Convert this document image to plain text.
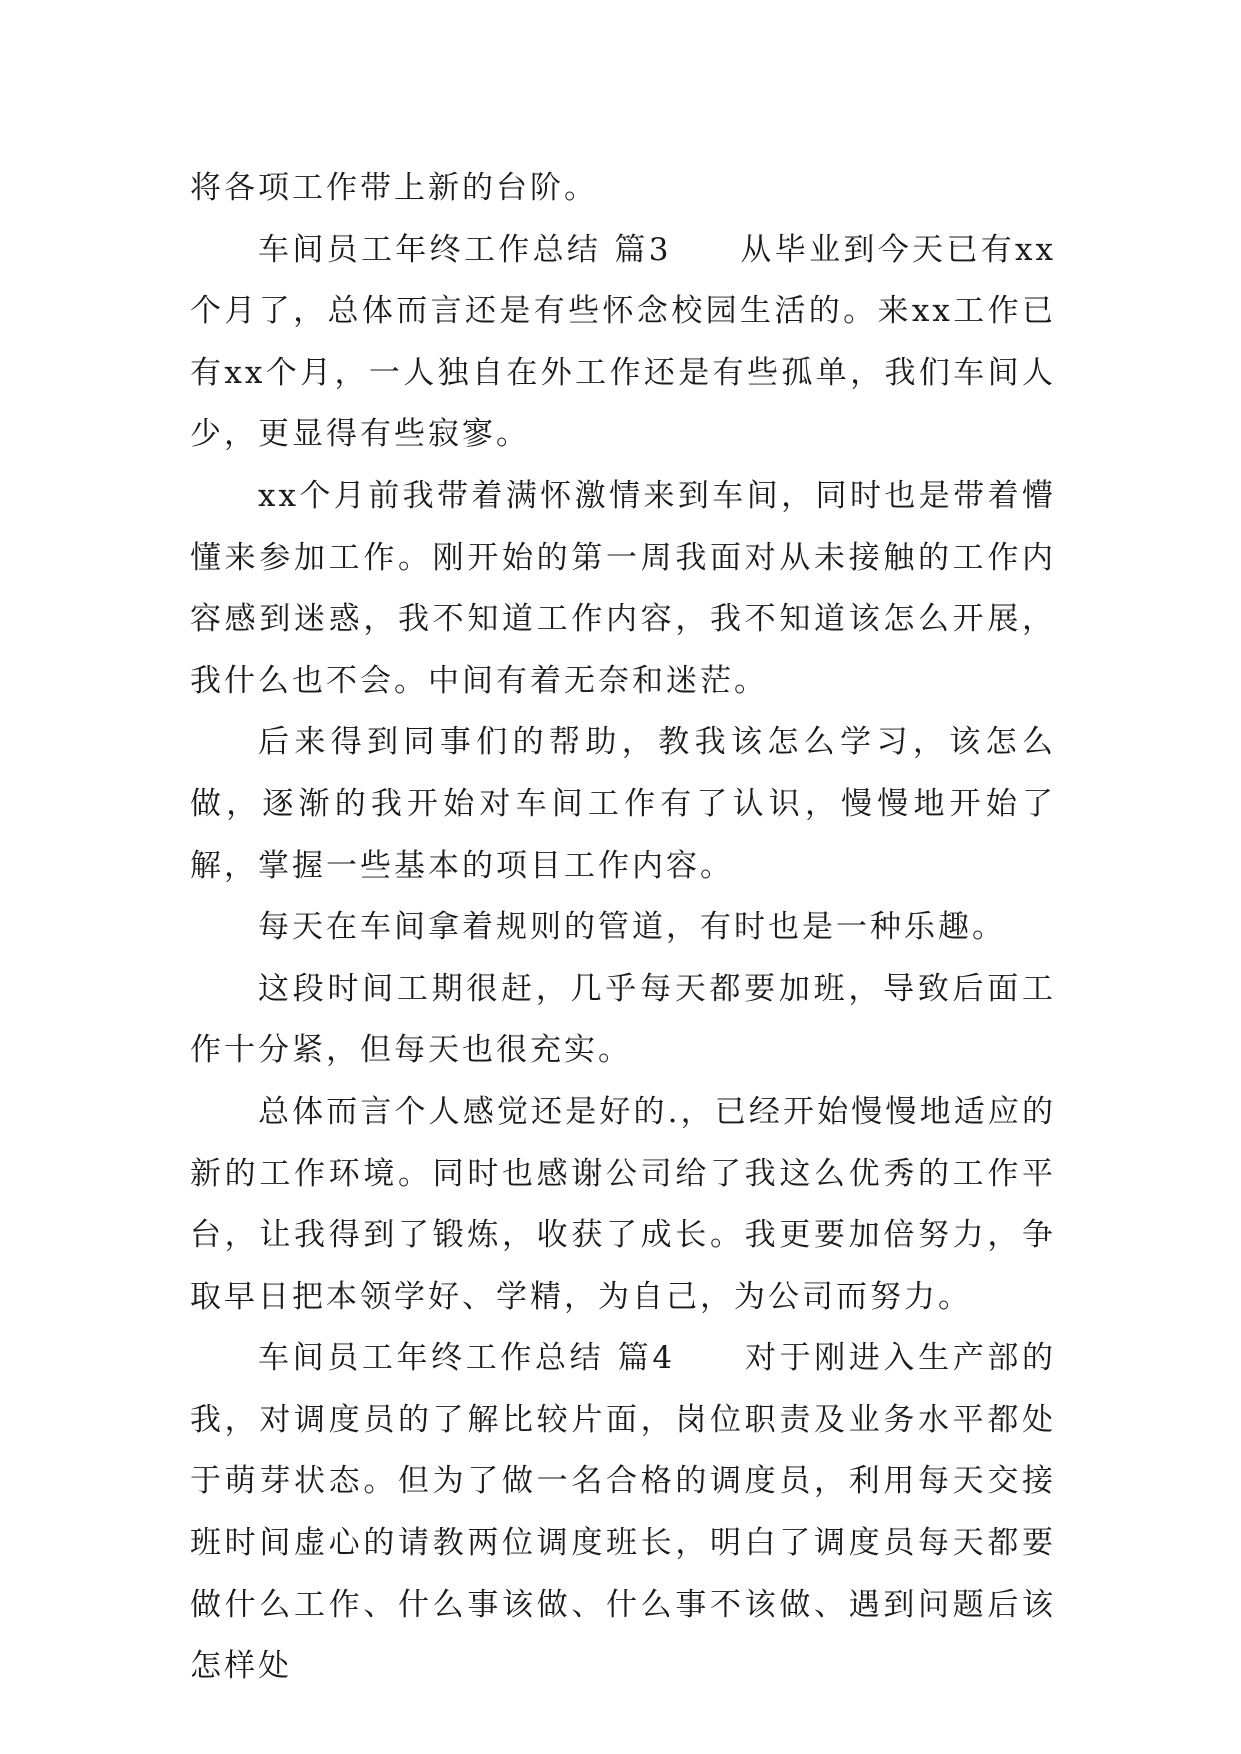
将各项工作带上新的台阶。

车间员工年终工作总结 篇3　　从毕业到今天已有xx个月了，总体而言还是有些怀念校园生活的。来xx工作已有xx个月，一人独自在外工作还是有些孤单，我们车间人少，更显得有些寂寥。

xx个月前我带着满怀激情来到车间，同时也是带着懵懂来参加工作。刚开始的第一周我面对从未接触的工作内容感到迷惑，我不知道工作内容，我不知道该怎么开展，我什么也不会。中间有着无奈和迷茫。

后来得到同事们的帮助，教我该怎么学习，该怎么做，逐渐的我开始对车间工作有了认识，慢慢地开始了解，掌握一些基本的项目工作内容。

每天在车间拿着规则的管道，有时也是一种乐趣。

这段时间工期很赶，几乎每天都要加班，导致后面工作十分紧，但每天也很充实。

总体而言个人感觉还是好的.，已经开始慢慢地适应的新的工作环境。同时也感谢公司给了我这么优秀的工作平台，让我得到了锻炼，收获了成长。我更要加倍努力，争取早日把本领学好、学精，为自己，为公司而努力。

车间员工年终工作总结 篇4　　对于刚进入生产部的我，对调度员的了解比较片面，岗位职责及业务水平都处于萌芽状态。但为了做一名合格的调度员，利用每天交接班时间虚心的请教两位调度班长，明白了调度员每天都要做什么工作、什么事该做、什么事不该做、遇到问题后该怎样处
